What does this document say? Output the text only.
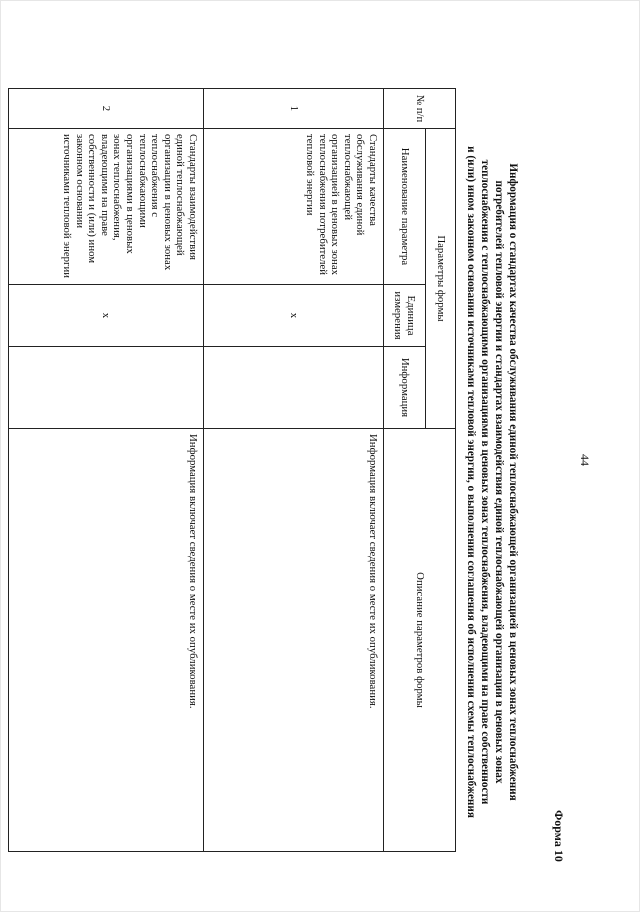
44
Форма 10
Информация о стандартах качества обслуживания единой теплоснабжающей организацией в ценовых зонах теплоснабжения
потребителей тепловой энергии и стандартах взаимодействия единой теплоснабжающей организации в ценовых зонах
теплоснабжения с теплоснабжающими организациями в ценовых зонах теплоснабжения, владеющими на праве собственности
и (или) ином законном основании источниками тепловой энергии, о выполнении соглашения об исполнении схемы теплоснабжения
№ п/п
Параметры формы
Описание параметров формы
Наименование параметра
Единица измерения
Информация
1
Стандарты качества обслуживания единой теплоснабжающей организацией в ценовых зонах теплоснабжения потребителей тепловой энергии
x
Информация включает сведения о месте их опубликования.
2
Стандарты взаимодействия единой теплоснабжающей организации в ценовых зонах теплоснабжения с теплоснабжающими организациями в ценовых зонах теплоснабжения, владеющими на праве собственности и (или) ином законном основании источниками тепловой энергии
x
Информация включает сведения о месте их опубликования.
